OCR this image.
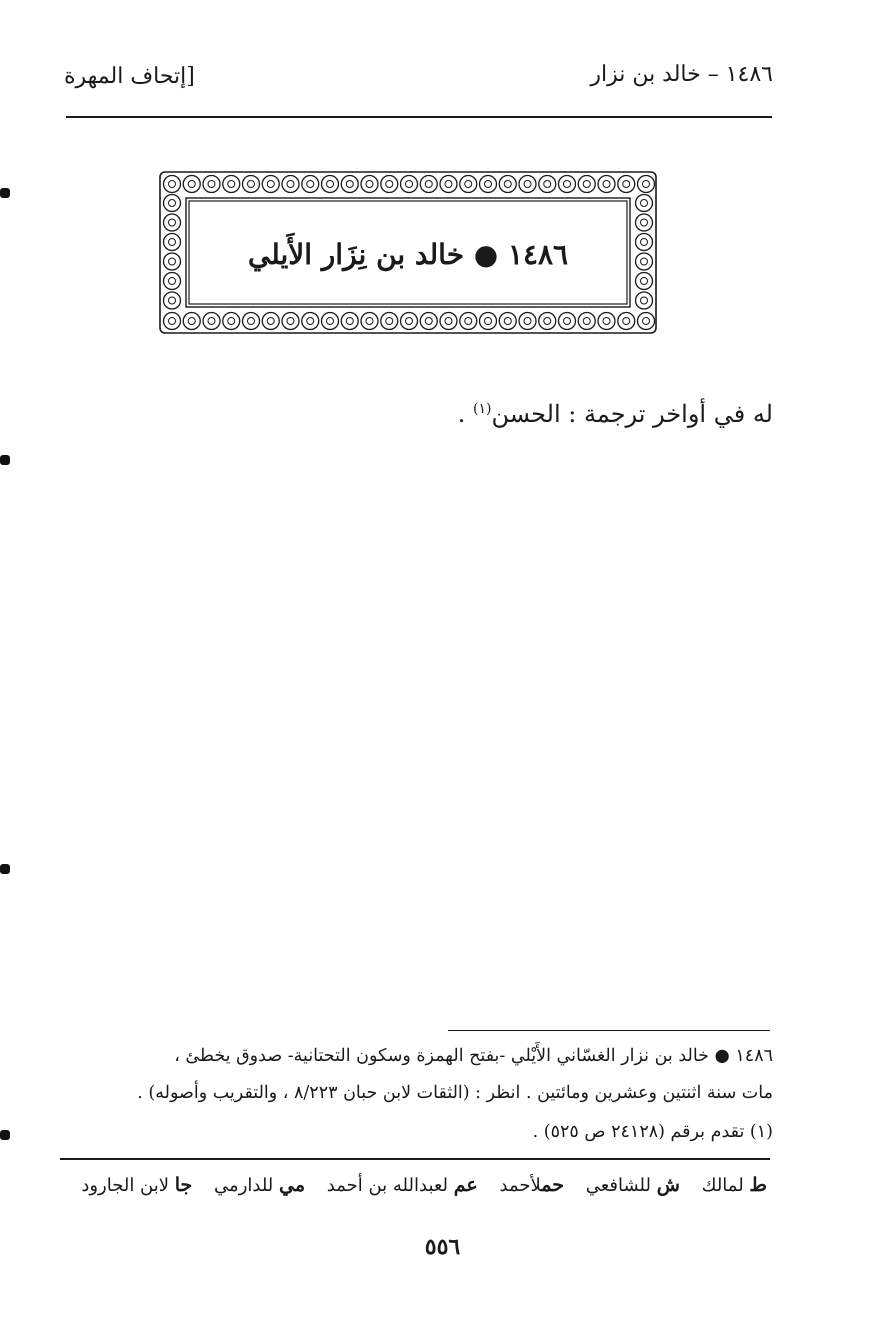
١٤٨٦ – خالد بن نزار
[إتحاف المهرة
١٤٨٦ ● خالد بن نِزَار الأَيلي
له في أواخر ترجمة : الحسن$^{(١)}$ .
١٤٨٦ ● خالد بن نزار الغسّاني الأَيْلي -بفتح الهمزة وسكون التحتانية- صدوق يخطئ ،
مات سنة اثنتين وعشرين ومائتين . انظر : (الثقات لابن حبان ٨/٢٢٣ ، والتقريب وأصوله) .
(١) تقدم برقم (٢٤١٢٨ ص ٥٢٥) .
ط لمالك ش للشافعي حملأحمد عم لعبدالله بن أحمد مي للدارمي جا لابن الجارود
٥٥٦
